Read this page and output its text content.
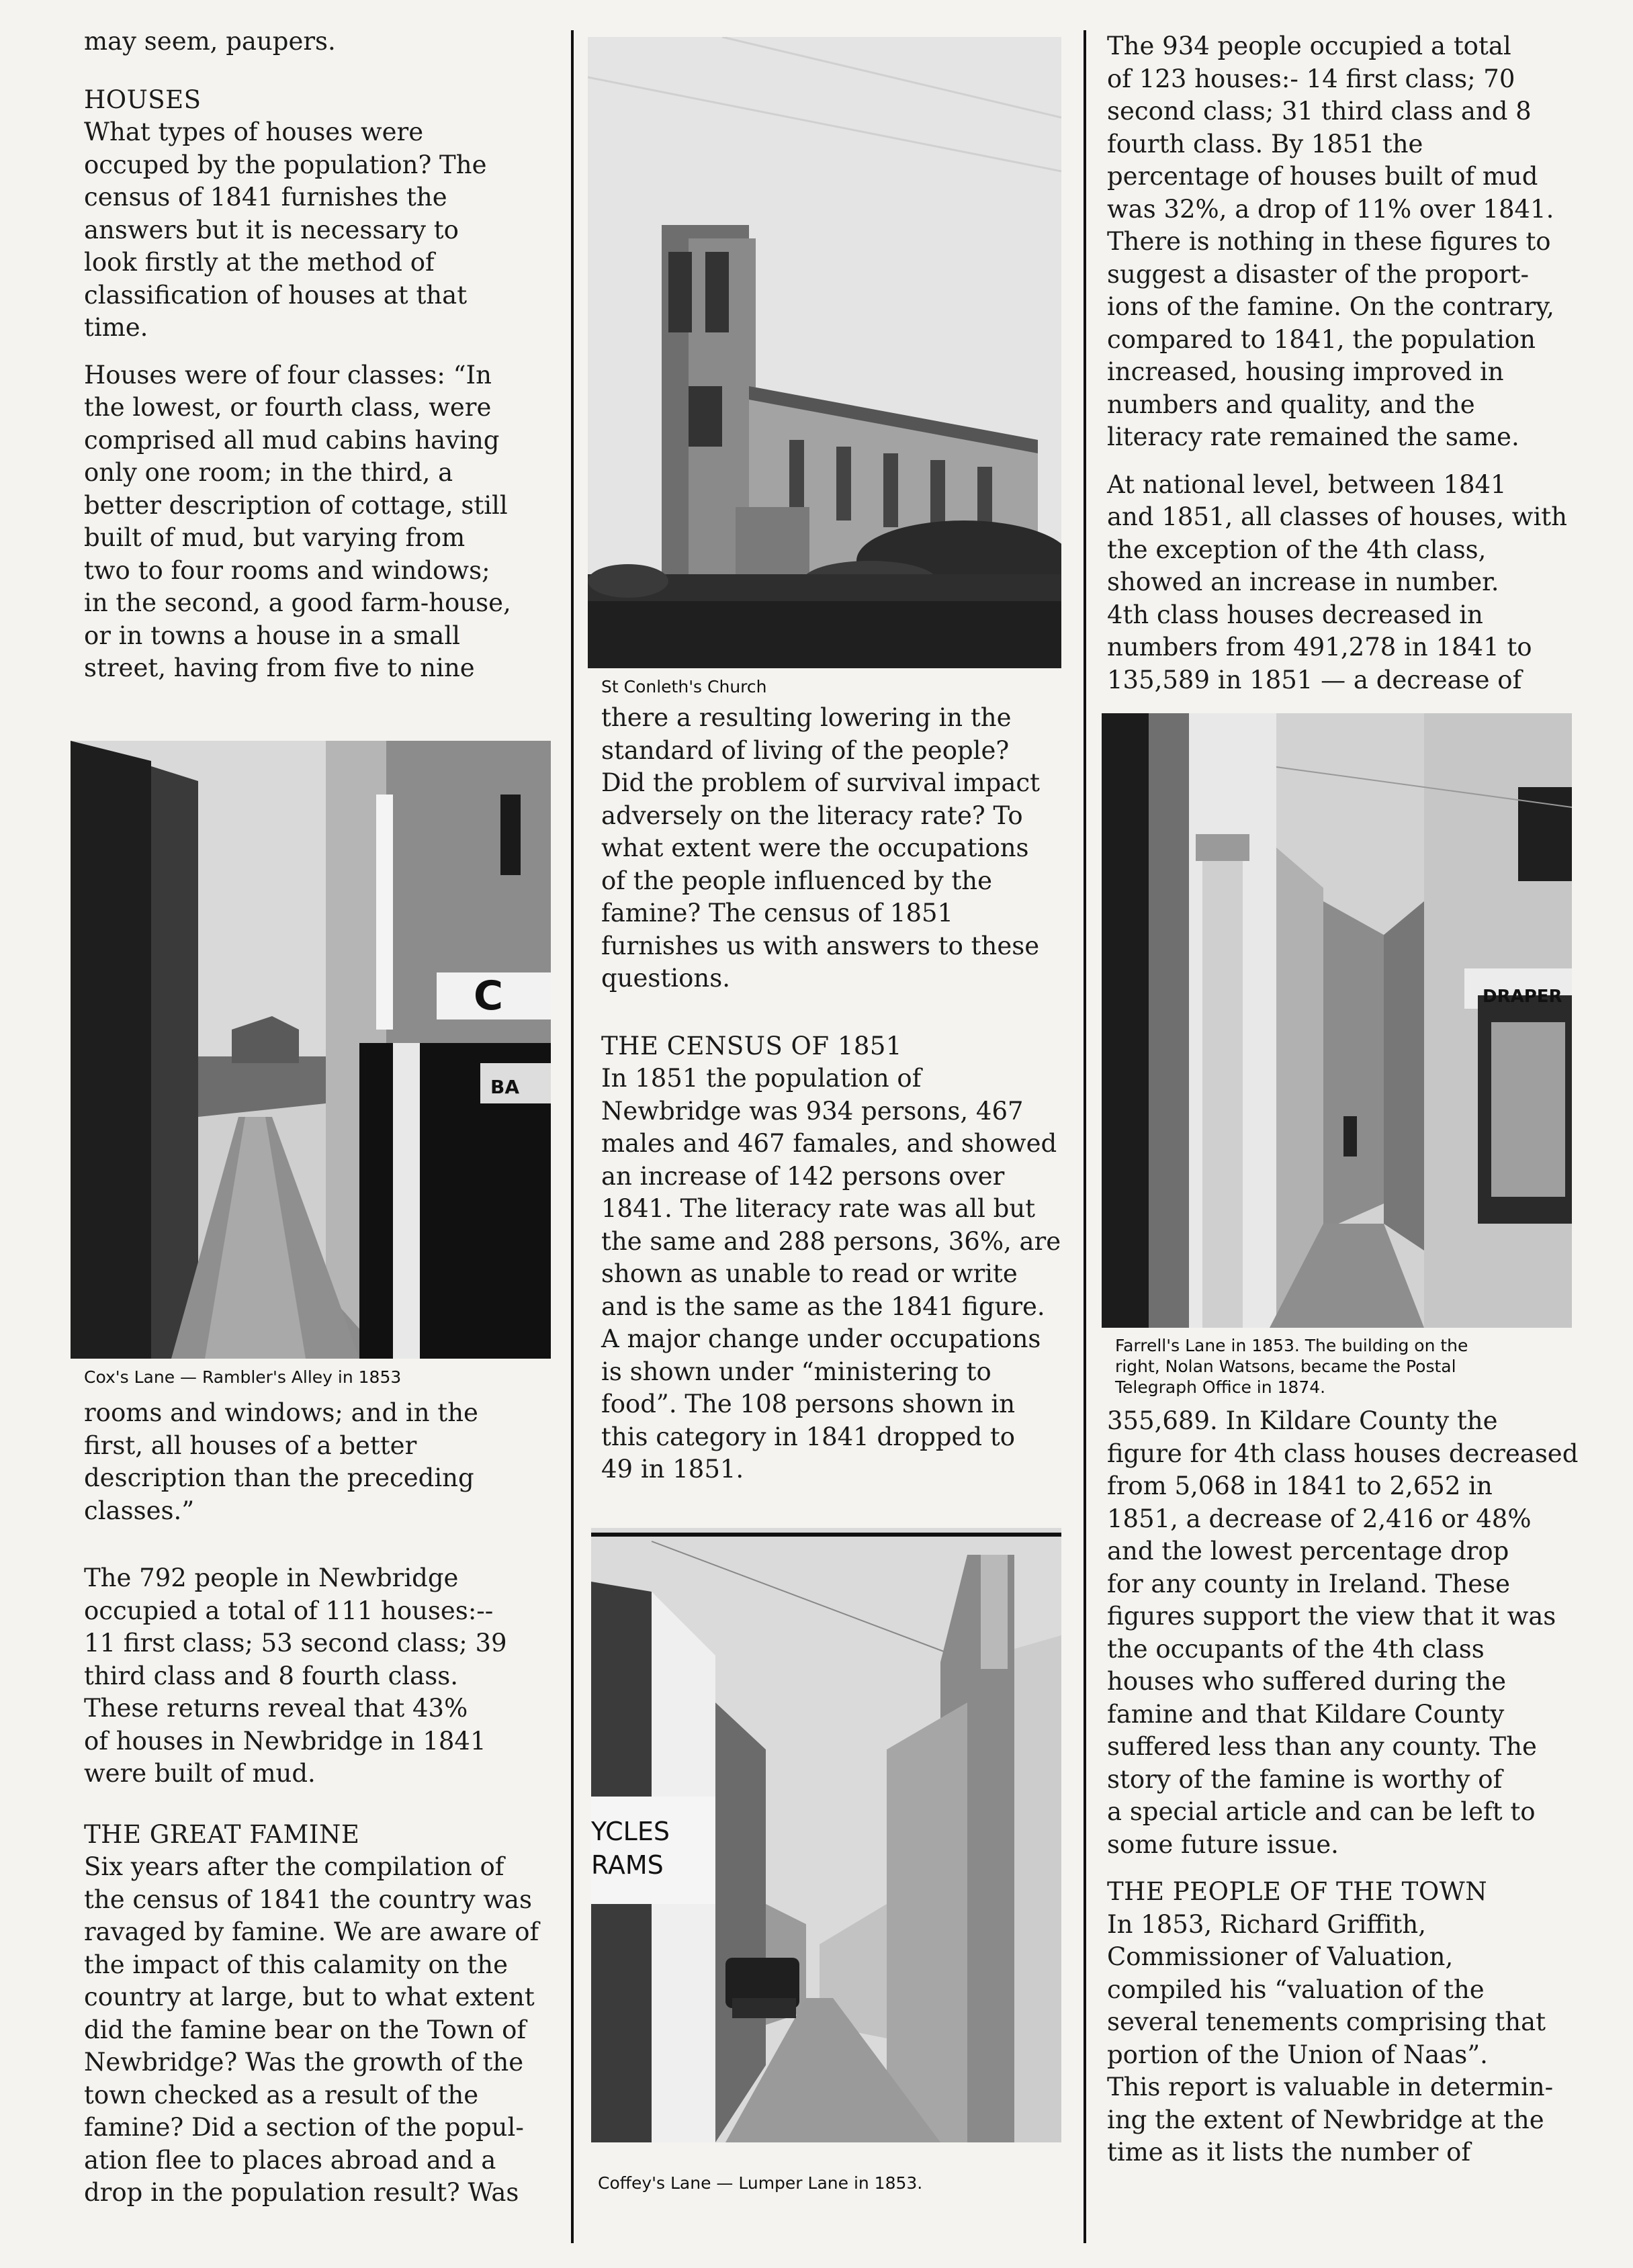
may seem, paupers.

HOUSES

What types of houses were
occuped by the population? The
census of 1841 furnishes the
answers but it is necessary to
look firstly at the method of
classification of houses at that
time.
Houses were of four classes: “In
the lowest, or fourth class, were
comprised all mud cabins having
only one room; in the third, a
better description of cottage, still
built of mud, but varying from
two to four rooms and windows;
in the second, a good farm-house,
or in towns a house in a small
street, having from five to nine
C
BA
Cox's Lane — Rambler's Alley in 1853
rooms and windows; and in the
first, all houses of a better
description than the preceding
classes.”
The 792 people in Newbridge
occupied a total of 111 houses:--
11 first class; 53 second class; 39
third class and 8 fourth class.
These returns reveal that 43%
of houses in Newbridge in 1841
were built of mud.

THE GREAT FAMINE

Six years after the compilation of
the census of 1841 the country was
ravaged by famine. We are aware of
the impact of this calamity on the
country at large, but to what extent
did the famine bear on the Town of
Newbridge? Was the growth of the
town checked as a result of the
famine? Did a section of the popul-
ation flee to places abroad and a
drop in the population result? Was
St Conleth's Church
there a resulting lowering in the
standard of living of the people?
Did the problem of survival impact
adversely on the literacy rate? To
what extent were the occupations
of the people influenced by the
famine? The census of 1851
furnishes us with answers to these
questions.

THE CENSUS OF 1851

In 1851 the population of
Newbridge was 934 persons, 467
males and 467 famales, and showed
an increase of 142 persons over
1841. The literacy rate was all but
the same and 288 persons, 36%, are
shown as unable to read or write
and is the same as the 1841 figure.
A major change under occupations
is shown under “ministering to
food”. The 108 persons shown in
this category in 1841 dropped to
49 in 1851.
YCLES
RAMS
Coffey's Lane — Lumper Lane in 1853.
The 934 people occupied a total
of 123 houses:- 14 first class; 70
second class; 31 third class and 8
fourth class. By 1851 the
percentage of houses built of mud
was 32%, a drop of 11% over 1841.
There is nothing in these figures to
suggest a disaster of the proport-
ions of the famine. On the contrary,
compared to 1841, the population
increased, housing improved in
numbers and quality, and the
literacy rate remained the same.
At national level, between 1841
and 1851, all classes of houses, with
the exception of the 4th class,
showed an increase in number.
4th class houses decreased in
numbers from 491,278 in 1841 to
135,589 in 1851 — a decrease of
DRAPER
Farrell's Lane in 1853. The building on the
right, Nolan Watsons, became the Postal
Telegraph Office in 1874.
355,689. In Kildare County the
figure for 4th class houses decreased
from 5,068 in 1841 to 2,652 in
1851, a decrease of 2,416 or 48%
and the lowest percentage drop
for any county in Ireland. These
figures support the view that it was
the occupants of the 4th class
houses who suffered during the
famine and that Kildare County
suffered less than any county. The
story of the famine is worthy of
a special article and can be left to
some future issue.

THE PEOPLE OF THE TOWN

In 1853, Richard Griffith,
Commissioner of Valuation,
compiled his “valuation of the
several tenements comprising that
portion of the Union of Naas”.
This report is valuable in determin-
ing the extent of Newbridge at the
time as it lists the number of
